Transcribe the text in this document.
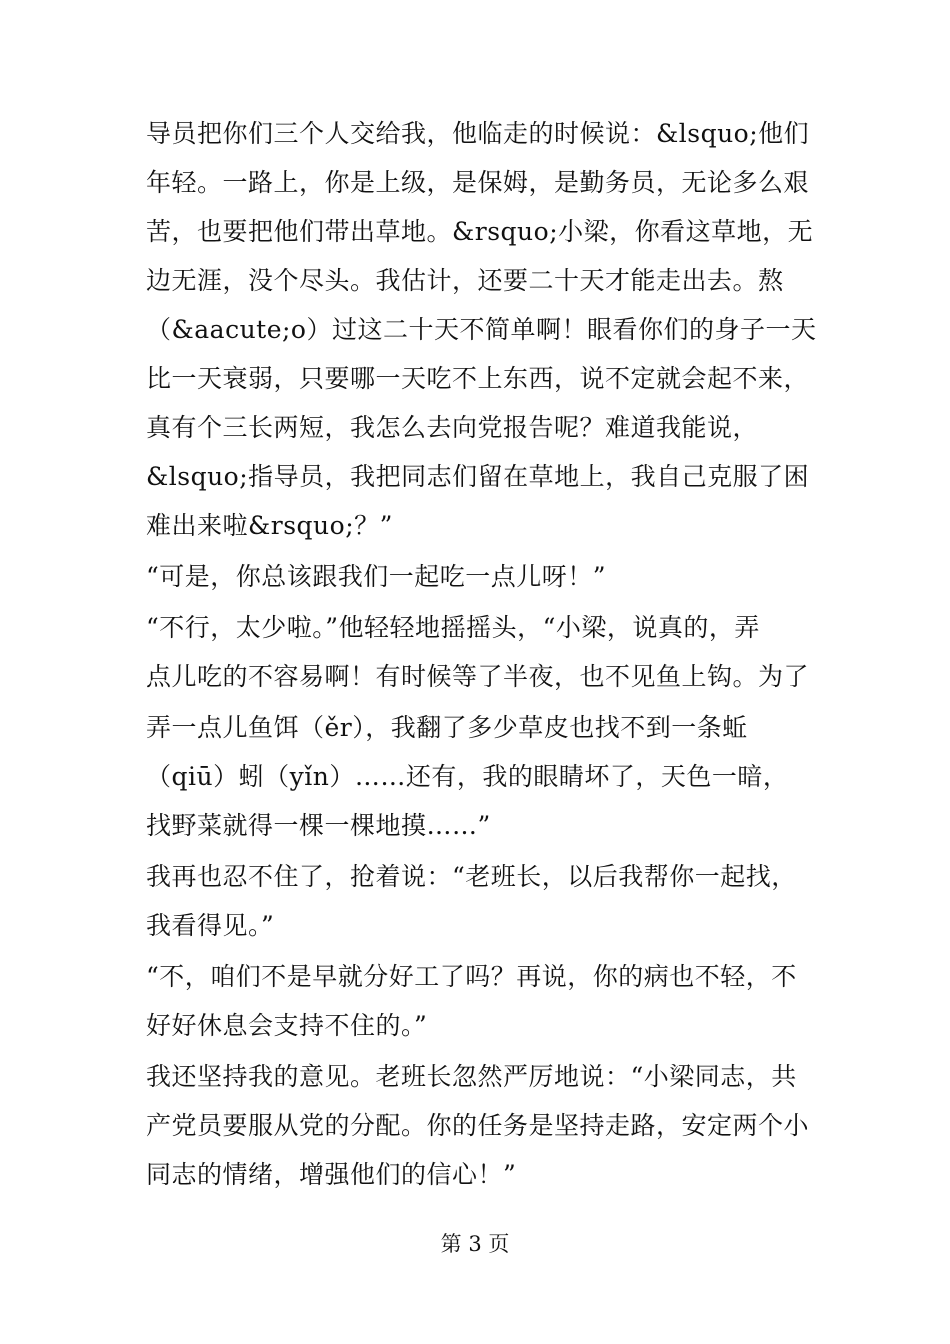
导员把你们三个人交给我，他临走的时候说：&lsquo;他们
年轻。一路上，你是上级，是保姆，是勤务员，无论多么艰
苦，也要把他们带出草地。&rsquo;小梁，你看这草地，无
边无涯，没个尽头。我估计，还要二十天才能走出去。熬
（&aacute;o）过这二十天不简单啊！眼看你们的身子一天
比一天衰弱，只要哪一天吃不上东西，说不定就会起不来，
真有个三长两短，我怎么去向党报告呢？难道我能说，
&lsquo;指导员，我把同志们留在草地上，我自己克服了困
难出来啦&rsquo;？”
“可是，你总该跟我们一起吃一点儿呀！”
“不行，太少啦。”他轻轻地摇摇头，“小梁，说真的，弄
点儿吃的不容易啊！有时候等了半夜，也不见鱼上钩。为了
弄一点儿鱼饵（ěr），我翻了多少草皮也找不到一条蚯
（qiū）蚓（yǐn）……还有，我的眼睛坏了，天色一暗，
找野菜就得一棵一棵地摸……”
我再也忍不住了，抢着说：“老班长，以后我帮你一起找，
我看得见。”
“不，咱们不是早就分好工了吗？再说，你的病也不轻，不
好好休息会支持不住的。”
我还坚持我的意见。老班长忽然严厉地说：“小梁同志，共
产党员要服从党的分配。你的任务是坚持走路，安定两个小
同志的情绪，增强他们的信心！”
第 3 页
